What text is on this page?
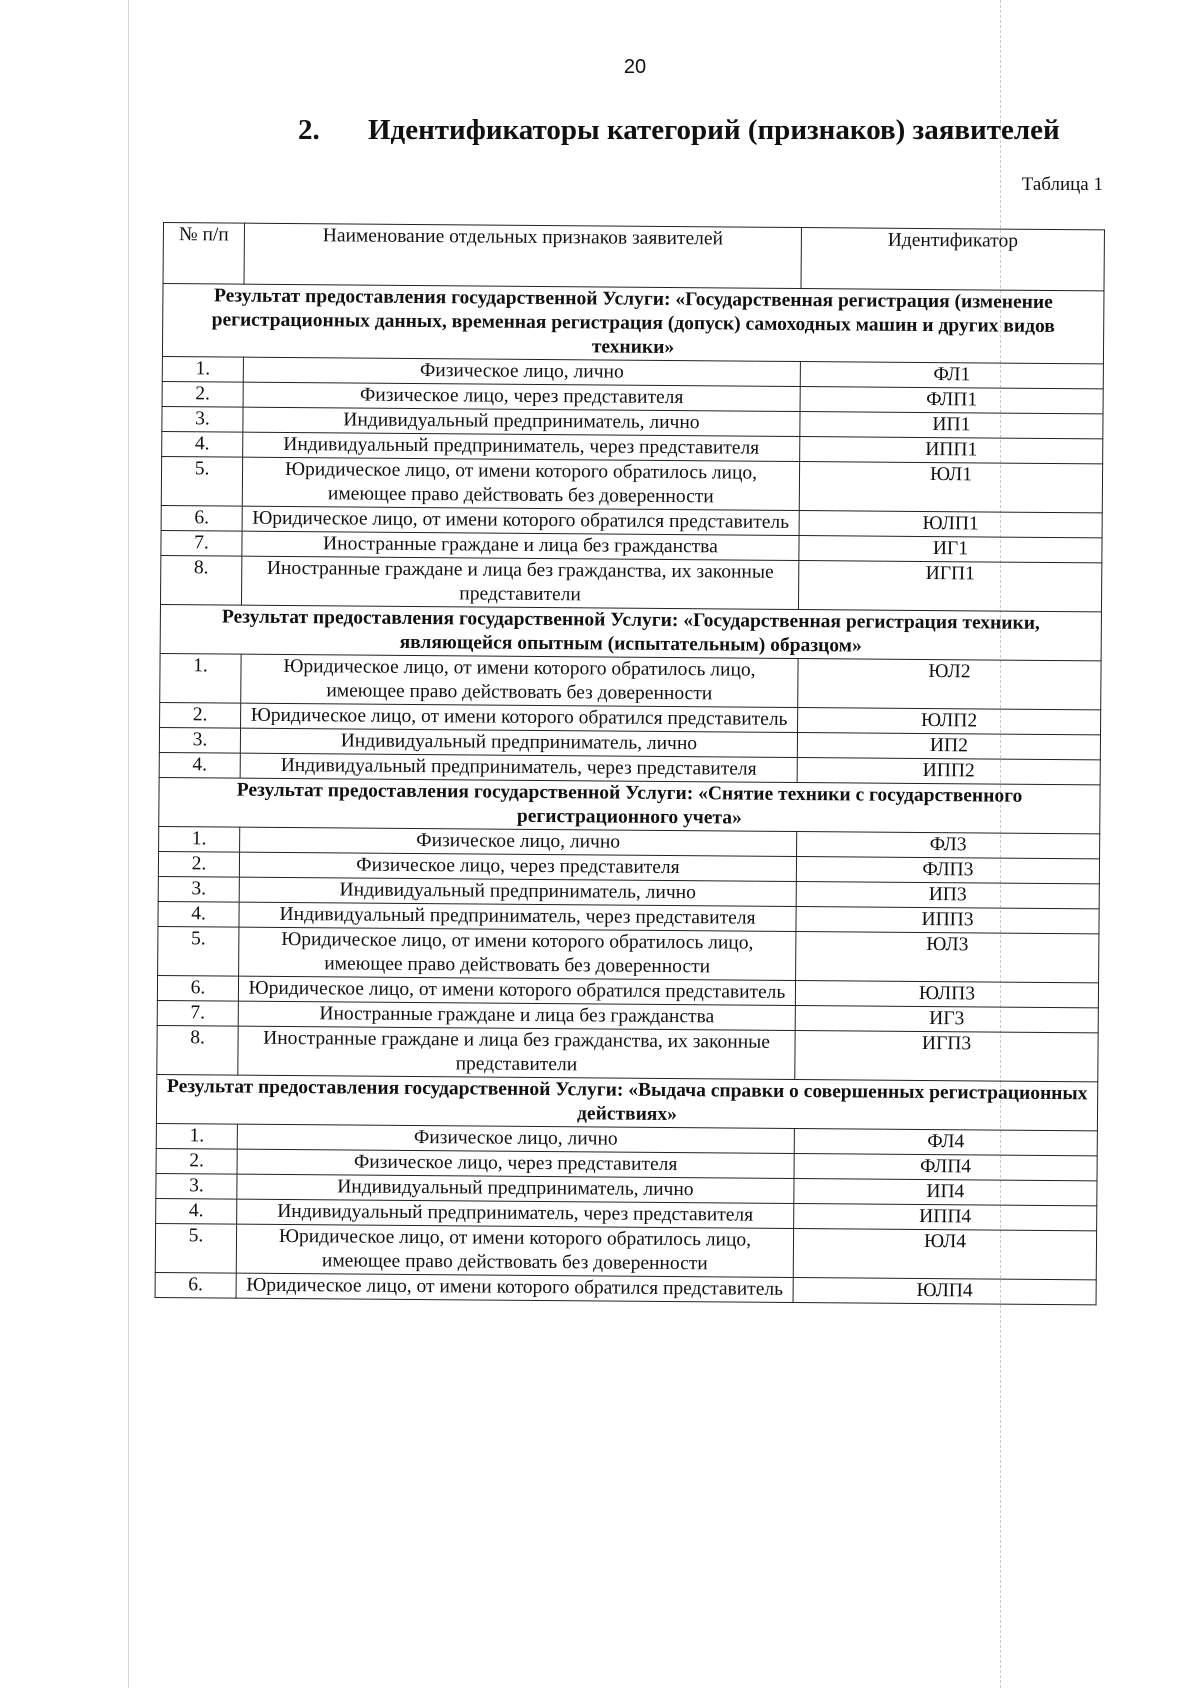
20
2. Идентификаторы категорий (признаков) заявителей
Таблица 1
№ п/п	Наименование отдельных признаков заявителей	Идентификатор
Результат предоставления государственной Услуги: «Государственная регистрация (изменение регистрационных данных, временная регистрация (допуск) самоходных машин и других видов техники»		
1.	Физическое лицо, лично	ФЛ1
2.	Физическое лицо, через представителя	ФЛП1
3.	Индивидуальный предприниматель, лично	ИП1
4.	Индивидуальный предприниматель, через представителя	ИПП1
5.	Юридическое лицо, от имени которого обратилось лицо, имеющее право действовать без доверенности	ЮЛ1
6.	Юридическое лицо, от имени которого обратился представитель	ЮЛП1
7.	Иностранные граждане и лица без гражданства	ИГ1
8.	Иностранные граждане и лица без гражданства, их законные представители	ИГП1
Результат предоставления государственной Услуги: «Государственная регистрация техники, являющейся опытным (испытательным) образцом»		
1.	Юридическое лицо, от имени которого обратилось лицо, имеющее право действовать без доверенности	ЮЛ2
2.	Юридическое лицо, от имени которого обратился представитель	ЮЛП2
3.	Индивидуальный предприниматель, лично	ИП2
4.	Индивидуальный предприниматель, через представителя	ИПП2
Результат предоставления государственной Услуги: «Снятие техники с государственного регистрационного учета»		
1.	Физическое лицо, лично	ФЛ3
2.	Физическое лицо, через представителя	ФЛП3
3.	Индивидуальный предприниматель, лично	ИП3
4.	Индивидуальный предприниматель, через представителя	ИПП3
5.	Юридическое лицо, от имени которого обратилось лицо, имеющее право действовать без доверенности	ЮЛ3
6.	Юридическое лицо, от имени которого обратился представитель	ЮЛП3
7.	Иностранные граждане и лица без гражданства	ИГ3
8.	Иностранные граждане и лица без гражданства, их законные представители	ИГП3
Результат предоставления государственной Услуги: «Выдача справки о совершенных регистрационных действиях»		
1.	Физическое лицо, лично	ФЛ4
2.	Физическое лицо, через представителя	ФЛП4
3.	Индивидуальный предприниматель, лично	ИП4
4.	Индивидуальный предприниматель, через представителя	ИПП4
5.	Юридическое лицо, от имени которого обратилось лицо, имеющее право действовать без доверенности	ЮЛ4
6.	Юридическое лицо, от имени которого обратился представитель	ЮЛП4
